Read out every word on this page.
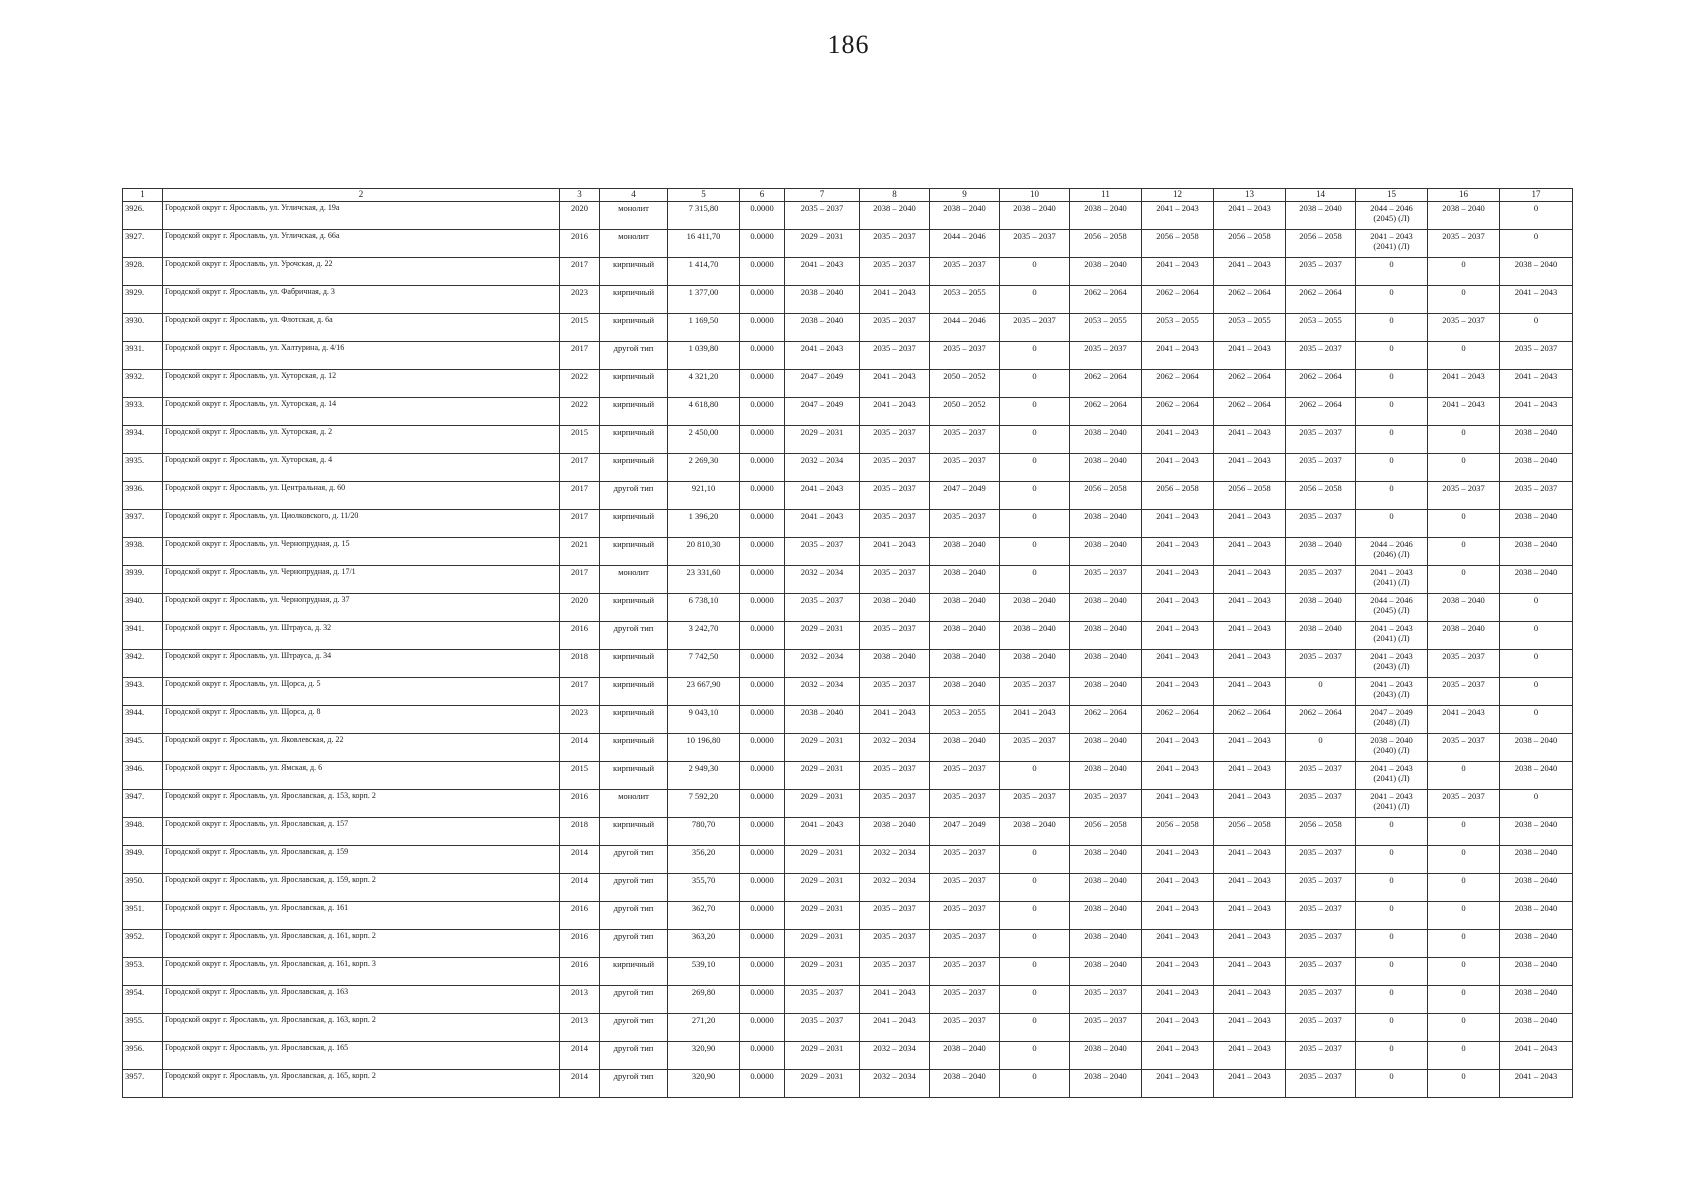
186
1	2	3	4	5	6	7	8	9	10	11	12	13	14	15	16	17
3926.	Городской округ г. Ярославль, ул. Угличская, д. 19а	2020	монолит	7 315,80	0.0000	2035 – 2037	2038 – 2040	2038 – 2040	2038 – 2040	2038 – 2040	2041 – 2043	2041 – 2043	2038 – 2040	2044 – 2046 (2045) (Л)	2038 – 2040	0
3927.	Городской округ г. Ярославль, ул. Угличская, д. 66а	2016	монолит	16 411,70	0.0000	2029 – 2031	2035 – 2037	2044 – 2046	2035 – 2037	2056 – 2058	2056 – 2058	2056 – 2058	2056 – 2058	2041 – 2043 (2041) (Л)	2035 – 2037	0
3928.	Городской округ г. Ярославль, ул. Урочская, д. 22	2017	кирпичный	1 414,70	0.0000	2041 – 2043	2035 – 2037	2035 – 2037	0	2038 – 2040	2041 – 2043	2041 – 2043	2035 – 2037	0	0	2038 – 2040
3929.	Городской округ г. Ярославль, ул. Фабричная, д. 3	2023	кирпичный	1 377,00	0.0000	2038 – 2040	2041 – 2043	2053 – 2055	0	2062 – 2064	2062 – 2064	2062 – 2064	2062 – 2064	0	0	2041 – 2043
3930.	Городской округ г. Ярославль, ул. Флотская, д. 6а	2015	кирпичный	1 169,50	0.0000	2038 – 2040	2035 – 2037	2044 – 2046	2035 – 2037	2053 – 2055	2053 – 2055	2053 – 2055	2053 – 2055	0	2035 – 2037	0
3931.	Городской округ г. Ярославль, ул. Халтурина, д. 4/16	2017	другой тип	1 039,80	0.0000	2041 – 2043	2035 – 2037	2035 – 2037	0	2035 – 2037	2041 – 2043	2041 – 2043	2035 – 2037	0	0	2035 – 2037
3932.	Городской округ г. Ярославль, ул. Хуторская, д. 12	2022	кирпичный	4 321,20	0.0000	2047 – 2049	2041 – 2043	2050 – 2052	0	2062 – 2064	2062 – 2064	2062 – 2064	2062 – 2064	0	2041 – 2043	2041 – 2043
3933.	Городской округ г. Ярославль, ул. Хуторская, д. 14	2022	кирпичный	4 618,80	0.0000	2047 – 2049	2041 – 2043	2050 – 2052	0	2062 – 2064	2062 – 2064	2062 – 2064	2062 – 2064	0	2041 – 2043	2041 – 2043
3934.	Городской округ г. Ярославль, ул. Хуторская, д. 2	2015	кирпичный	2 450,00	0.0000	2029 – 2031	2035 – 2037	2035 – 2037	0	2038 – 2040	2041 – 2043	2041 – 2043	2035 – 2037	0	0	2038 – 2040
3935.	Городской округ г. Ярославль, ул. Хуторская, д. 4	2017	кирпичный	2 269,30	0.0000	2032 – 2034	2035 – 2037	2035 – 2037	0	2038 – 2040	2041 – 2043	2041 – 2043	2035 – 2037	0	0	2038 – 2040
3936.	Городской округ г. Ярославль, ул. Центральная, д. 60	2017	другой тип	921,10	0.0000	2041 – 2043	2035 – 2037	2047 – 2049	0	2056 – 2058	2056 – 2058	2056 – 2058	2056 – 2058	0	2035 – 2037	2035 – 2037
3937.	Городской округ г. Ярославль, ул. Циолковского, д. 11/20	2017	кирпичный	1 396,20	0.0000	2041 – 2043	2035 – 2037	2035 – 2037	0	2038 – 2040	2041 – 2043	2041 – 2043	2035 – 2037	0	0	2038 – 2040
3938.	Городской округ г. Ярославль, ул. Чернопрудная, д. 15	2021	кирпичный	20 810,30	0.0000	2035 – 2037	2041 – 2043	2038 – 2040	0	2038 – 2040	2041 – 2043	2041 – 2043	2038 – 2040	2044 – 2046 (2046) (Л)	0	2038 – 2040
3939.	Городской округ г. Ярославль, ул. Чернопрудная, д. 17/1	2017	монолит	23 331,60	0.0000	2032 – 2034	2035 – 2037	2038 – 2040	0	2035 – 2037	2041 – 2043	2041 – 2043	2035 – 2037	2041 – 2043 (2041) (Л)	0	2038 – 2040
3940.	Городской округ г. Ярославль, ул. Чернопрудная, д. 37	2020	кирпичный	6 738,10	0.0000	2035 – 2037	2038 – 2040	2038 – 2040	2038 – 2040	2038 – 2040	2041 – 2043	2041 – 2043	2038 – 2040	2044 – 2046 (2045) (Л)	2038 – 2040	0
3941.	Городской округ г. Ярославль, ул. Штрауса, д. 32	2016	другой тип	3 242,70	0.0000	2029 – 2031	2035 – 2037	2038 – 2040	2038 – 2040	2038 – 2040	2041 – 2043	2041 – 2043	2038 – 2040	2041 – 2043 (2041) (Л)	2038 – 2040	0
3942.	Городской округ г. Ярославль, ул. Штрауса, д. 34	2018	кирпичный	7 742,50	0.0000	2032 – 2034	2038 – 2040	2038 – 2040	2038 – 2040	2038 – 2040	2041 – 2043	2041 – 2043	2035 – 2037	2041 – 2043 (2043) (Л)	2035 – 2037	0
3943.	Городской округ г. Ярославль, ул. Щорса, д. 5	2017	кирпичный	23 667,90	0.0000	2032 – 2034	2035 – 2037	2038 – 2040	2035 – 2037	2038 – 2040	2041 – 2043	2041 – 2043	0	2041 – 2043 (2043) (Л)	2035 – 2037	0
3944.	Городской округ г. Ярославль, ул. Щорса, д. 8	2023	кирпичный	9 043,10	0.0000	2038 – 2040	2041 – 2043	2053 – 2055	2041 – 2043	2062 – 2064	2062 – 2064	2062 – 2064	2062 – 2064	2047 – 2049 (2048) (Л)	2041 – 2043	0
3945.	Городской округ г. Ярославль, ул. Яковлевская, д. 22	2014	кирпичный	10 196,80	0.0000	2029 – 2031	2032 – 2034	2038 – 2040	2035 – 2037	2038 – 2040	2041 – 2043	2041 – 2043	0	2038 – 2040 (2040) (Л)	2035 – 2037	2038 – 2040
3946.	Городской округ г. Ярославль, ул. Ямская, д. 6	2015	кирпичный	2 949,30	0.0000	2029 – 2031	2035 – 2037	2035 – 2037	0	2038 – 2040	2041 – 2043	2041 – 2043	2035 – 2037	2041 – 2043 (2041) (Л)	0	2038 – 2040
3947.	Городской округ г. Ярославль, ул. Ярославская, д. 153, корп. 2	2016	монолит	7 592,20	0.0000	2029 – 2031	2035 – 2037	2035 – 2037	2035 – 2037	2035 – 2037	2041 – 2043	2041 – 2043	2035 – 2037	2041 – 2043 (2041) (Л)	2035 – 2037	0
3948.	Городской округ г. Ярославль, ул. Ярославская, д. 157	2018	кирпичный	780,70	0.0000	2041 – 2043	2038 – 2040	2047 – 2049	2038 – 2040	2056 – 2058	2056 – 2058	2056 – 2058	2056 – 2058	0	0	2038 – 2040
3949.	Городской округ г. Ярославль, ул. Ярославская, д. 159	2014	другой тип	356,20	0.0000	2029 – 2031	2032 – 2034	2035 – 2037	0	2038 – 2040	2041 – 2043	2041 – 2043	2035 – 2037	0	0	2038 – 2040
3950.	Городской округ г. Ярославль, ул. Ярославская, д. 159, корп. 2	2014	другой тип	355,70	0.0000	2029 – 2031	2032 – 2034	2035 – 2037	0	2038 – 2040	2041 – 2043	2041 – 2043	2035 – 2037	0	0	2038 – 2040
3951.	Городской округ г. Ярославль, ул. Ярославская, д. 161	2016	другой тип	362,70	0.0000	2029 – 2031	2035 – 2037	2035 – 2037	0	2038 – 2040	2041 – 2043	2041 – 2043	2035 – 2037	0	0	2038 – 2040
3952.	Городской округ г. Ярославль, ул. Ярославская, д. 161, корп. 2	2016	другой тип	363,20	0.0000	2029 – 2031	2035 – 2037	2035 – 2037	0	2038 – 2040	2041 – 2043	2041 – 2043	2035 – 2037	0	0	2038 – 2040
3953.	Городской округ г. Ярославль, ул. Ярославская, д. 161, корп. 3	2016	кирпичный	539,10	0.0000	2029 – 2031	2035 – 2037	2035 – 2037	0	2038 – 2040	2041 – 2043	2041 – 2043	2035 – 2037	0	0	2038 – 2040
3954.	Городской округ г. Ярославль, ул. Ярославская, д. 163	2013	другой тип	269,80	0.0000	2035 – 2037	2041 – 2043	2035 – 2037	0	2035 – 2037	2041 – 2043	2041 – 2043	2035 – 2037	0	0	2038 – 2040
3955.	Городской округ г. Ярославль, ул. Ярославская, д. 163, корп. 2	2013	другой тип	271,20	0.0000	2035 – 2037	2041 – 2043	2035 – 2037	0	2035 – 2037	2041 – 2043	2041 – 2043	2035 – 2037	0	0	2038 – 2040
3956.	Городской округ г. Ярославль, ул. Ярославская, д. 165	2014	другой тип	320,90	0.0000	2029 – 2031	2032 – 2034	2038 – 2040	0	2038 – 2040	2041 – 2043	2041 – 2043	2035 – 2037	0	0	2041 – 2043
3957.	Городской округ г. Ярославль, ул. Ярославская, д. 165, корп. 2	2014	другой тип	320,90	0.0000	2029 – 2031	2032 – 2034	2038 – 2040	0	2038 – 2040	2041 – 2043	2041 – 2043	2035 – 2037	0	0	2041 – 2043
